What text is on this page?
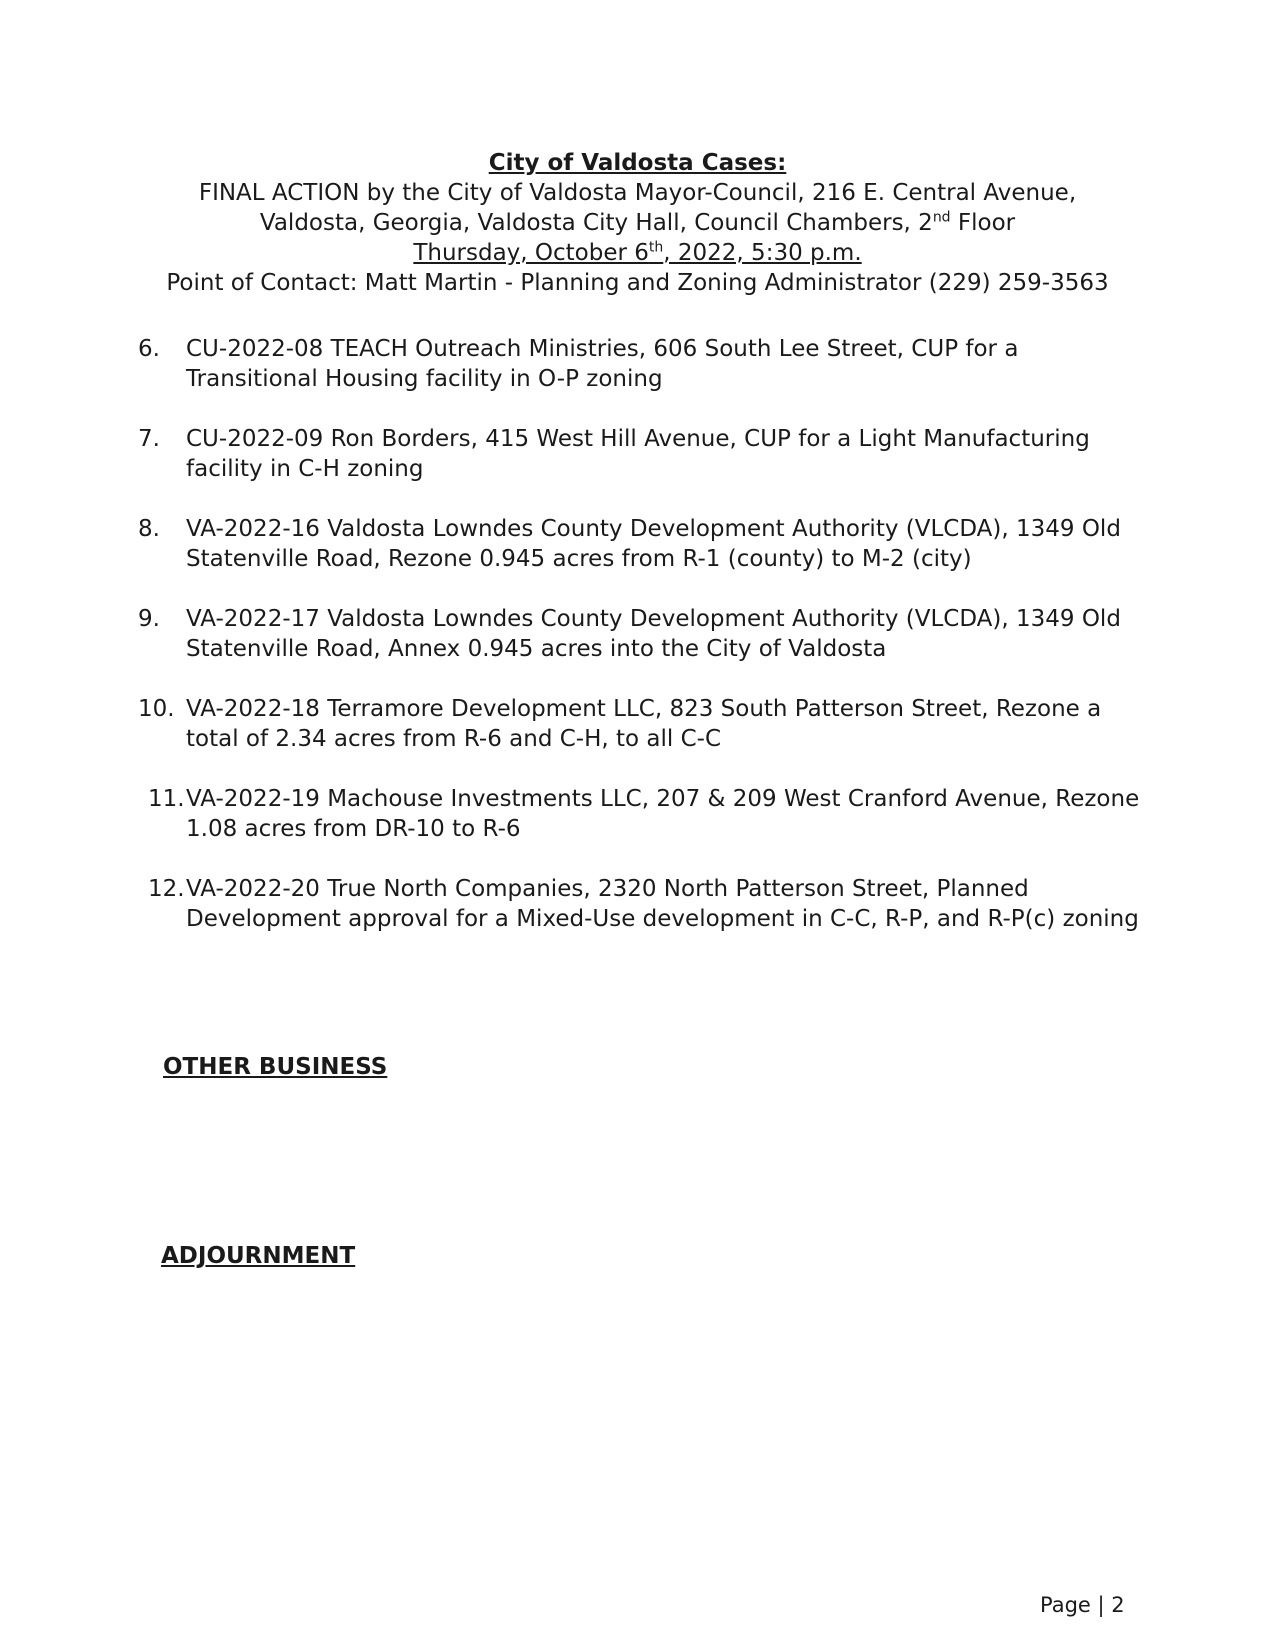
City of Valdosta Cases:
FINAL ACTION by the City of Valdosta Mayor-Council, 216 E. Central Avenue,
Valdosta, Georgia, Valdosta City Hall, Council Chambers, 2nd Floor
Thursday, October 6th, 2022, 5:30 p.m.
Point of Contact: Matt Martin - Planning and Zoning Administrator (229) 259-3563
6. CU-2022-08 TEACH Outreach Ministries, 606 South Lee Street, CUP for a
Transitional Housing facility in O-P zoning
7. CU-2022-09 Ron Borders, 415 West Hill Avenue, CUP for a Light Manufacturing
facility in C-H zoning
8. VA-2022-16 Valdosta Lowndes County Development Authority (VLCDA), 1349 Old
Statenville Road, Rezone 0.945 acres from R-1 (county) to M-2 (city)
9. VA-2022-17 Valdosta Lowndes County Development Authority (VLCDA), 1349 Old
Statenville Road, Annex 0.945 acres into the City of Valdosta
10. VA-2022-18 Terramore Development LLC, 823 South Patterson Street, Rezone a
total of 2.34 acres from R-6 and C-H, to all C-C
11. VA-2022-19 Machouse Investments LLC, 207 & 209 West Cranford Avenue, Rezone
1.08 acres from DR-10 to R-6
12. VA-2022-20 True North Companies, 2320 North Patterson Street, Planned
Development approval for a Mixed-Use development in C-C, R-P, and R-P(c) zoning
OTHER BUSINESS
ADJOURNMENT
Page | 2
